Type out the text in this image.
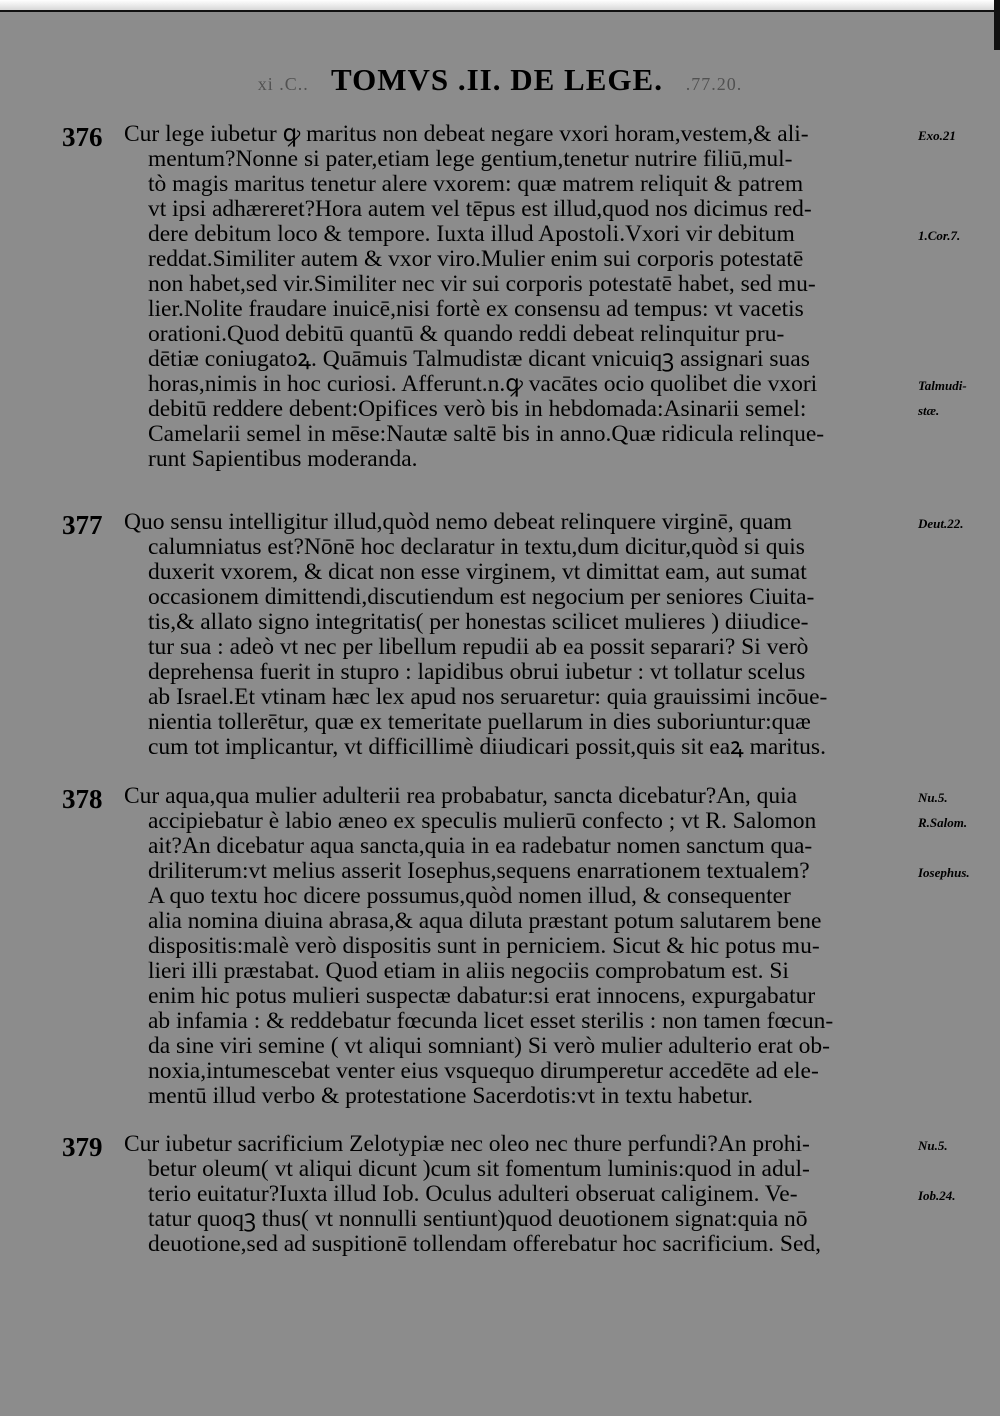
xi .C.. TOMVS .II. DE LEGE. .77.20.
376 Cur lege iubetur ꝙ maritus non debeat negare vxori horam,vestem,& ali-
mentum?Nonne si pater,etiam lege gentium,tenetur nutrire filiū,mul-
tò magis maritus tenetur alere vxorem: quæ matrem reliquit & patrem
vt ipsi adhæreret?Hora autem vel tēpus est illud,quod nos dicimus red-
dere debitum loco & tempore. Iuxta illud Apostoli.Vxori vir debitum
reddat.Similiter autem & vxor viro.Mulier enim sui corporis potestatē
non habet,sed vir.Similiter nec vir sui corporis potestatē habet, sed mu-
lier.Nolite fraudare inuicē,nisi fortè ex consensu ad tempus: vt vacetis
orationi.Quod debitū quantū & quando reddi debeat relinquitur pru-
dētiæ coniugatoꝝ. Quāmuis Talmudistæ dicant vnicuiqꝫ assignari suas
horas,nimis in hoc curiosi. Afferunt.n.ꝙ vacātes ocio quolibet die vxori
debitū reddere debent:Opifices verò bis in hebdomada:Asinarii semel:
Camelarii semel in mēse:Nautæ saltē bis in anno.Quæ ridicula relinque-
runt Sapientibus moderanda.
Exo.21
1.Cor.7.
Talmudi-
stæ.
377 Quo sensu intelligitur illud,quòd nemo debeat relinquere virginē, quam
calumniatus est?Nōnē hoc declaratur in textu,dum dicitur,quòd si quis
duxerit vxorem, & dicat non esse virginem, vt dimittat eam, aut sumat
occasionem dimittendi,discutiendum est negocium per seniores Ciuita-
tis,& allato signo integritatis( per honestas scilicet mulieres ) diiudice-
tur sua : adeò vt nec per libellum repudii ab ea possit separari? Si verò
deprehensa fuerit in stupro : lapidibus obrui iubetur : vt tollatur scelus
ab Israel.Et vtinam hæc lex apud nos seruaretur: quia grauissimi incōue-
nientia tollerētur, quæ ex temeritate puellarum in dies suboriuntur:quæ
cum tot implicantur, vt difficillimè diiudicari possit,quis sit eaꝝ maritus.
Deut.22.
378 Cur aqua,qua mulier adulterii rea probabatur, sancta dicebatur?An, quia
accipiebatur è labio æneo ex speculis mulierū confecto ; vt R. Salomon
ait?An dicebatur aqua sancta,quia in ea radebatur nomen sanctum qua-
driliterum:vt melius asserit Iosephus,sequens enarrationem textualem?
A quo textu hoc dicere possumus,quòd nomen illud, & consequenter
alia nomina diuina abrasa,& aqua diluta præstant potum salutarem bene
dispositis:malè verò dispositis sunt in perniciem. Sicut & hic potus mu-
lieri illi præstabat. Quod etiam in aliis negociis comprobatum est. Si
enim hic potus mulieri suspectæ dabatur:si erat innocens, expurgabatur
ab infamia : & reddebatur fœcunda licet esset sterilis : non tamen fœcun-
da sine viri semine ( vt aliqui somniant) Si verò mulier adulterio erat ob-
noxia,intumescebat venter eius vsquequo dirumperetur accedēte ad ele-
mentū illud verbo & protestatione Sacerdotis:vt in textu habetur.
Nu.5.
R.Salom.
Iosephus.
379 Cur iubetur sacrificium Zelotypiæ nec oleo nec thure perfundi?An prohi-
betur oleum( vt aliqui dicunt )cum sit fomentum luminis:quod in adul-
terio euitatur?Iuxta illud Iob. Oculus adulteri obseruat caliginem. Ve-
tatur quoqꝫ thus( vt nonnulli sentiunt)quod deuotionem signat:quia nō
deuotione,sed ad suspitionē tollendam offerebatur hoc sacrificium. Sed,
Nu.5.
Iob.24.
